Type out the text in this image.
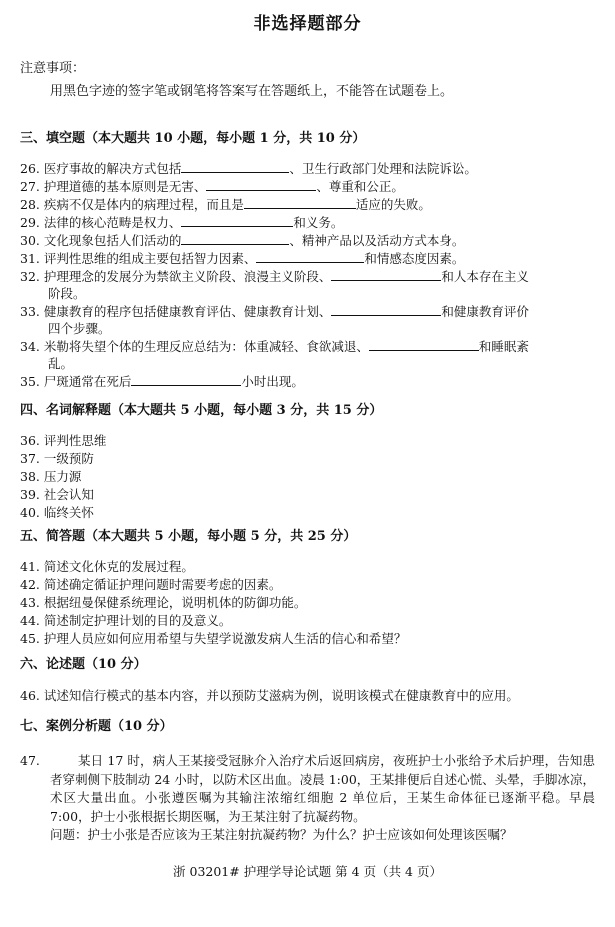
非选择题部分
注意事项：
用黑色字迹的签字笔或钢笔将答案写在答题纸上，不能答在试题卷上。
三、填空题（本大题共 10 小题，每小题 1 分，共 10 分）
26. 医疗事故的解决方式包括	、卫生行政部门处理和法院诉讼。
27. 护理道德的基本原则是无害、	、尊重和公正。
28. 疾病不仅是体内的病理过程，而且是	适应的失败。
29. 法律的核心范畴是权力、	和义务。
30. 文化现象包括人们活动的	、精神产品以及活动方式本身。
31. 评判性思维的组成主要包括智力因素、	和情感态度因素。
32. 护理理念的发展分为禁欲主义阶段、浪漫主义阶段、	和人本存在主义
阶段。
33. 健康教育的程序包括健康教育评估、健康教育计划、	和健康教育评价
四个步骤。
34. 米勒将失望个体的生理反应总结为：体重减轻、食欲减退、	和睡眠紊
乱。
35. 尸斑通常在死后	小时出现。
四、名词解释题（本大题共 5 小题，每小题 3 分，共 15 分）
36. 评判性思维
37. 一级预防
38. 压力源
39. 社会认知
40. 临终关怀
五、简答题（本大题共 5 小题，每小题 5 分，共 25 分）
41. 简述文化休克的发展过程。
42. 简述确定循证护理问题时需要考虑的因素。
43. 根据纽曼保健系统理论，说明机体的防御功能。
44. 简述制定护理计划的目的及意义。
45. 护理人员应如何应用希望与失望学说激发病人生活的信心和希望？
六、论述题（10 分）
46. 试述知信行模式的基本内容，并以预防艾滋病为例，说明该模式在健康教育中的应用。
七、案例分析题（10 分）
47.	某日 17 时，病人王某接受冠脉介入治疗术后返回病房，夜班护士小张给予术后护理，告知患者穿刺侧下肢制动 24 小时，以防术区出血。凌晨 1:00，王某排便后自述心慌、头晕，手脚冰凉，术区大量出血。小张遵医嘱为其输注浓缩红细胞 2 单位后，王某生命体征已逐渐平稳。早晨 7:00，护士小张根据长期医嘱，为王某注射了抗凝药物。
问题：护士小张是否应该为王某注射抗凝药物？为什么？护士应该如何处理该医嘱？
浙 03201# 护理学导论试题 第 4 页（共 4 页）
